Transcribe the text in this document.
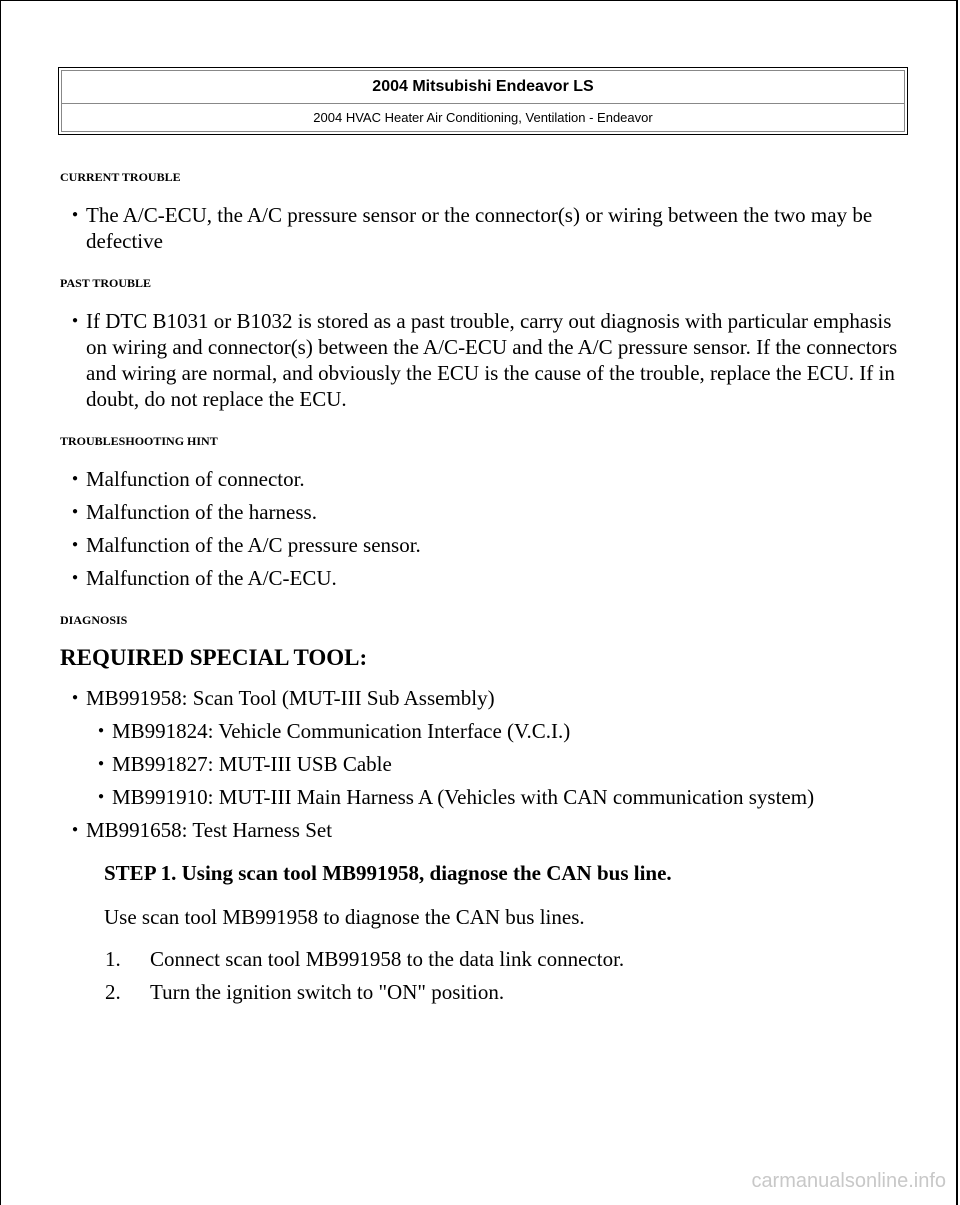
2004 Mitsubishi Endeavor LS
2004 HVAC Heater Air Conditioning, Ventilation - Endeavor

CURRENT TROUBLE

● The A/C-ECU, the A/C pressure sensor or the connector(s) or wiring between the two may be defective

PAST TROUBLE

● If DTC B1031 or B1032 is stored as a past trouble, carry out diagnosis with particular emphasis on wiring and connector(s) between the A/C-ECU and the A/C pressure sensor. If the connectors and wiring are normal, and obviously the ECU is the cause of the trouble, replace the ECU. If in doubt, do not replace the ECU.

TROUBLESHOOTING HINT

● Malfunction of connector.
● Malfunction of the harness.
● Malfunction of the A/C pressure sensor.
● Malfunction of the A/C-ECU.

DIAGNOSIS

REQUIRED SPECIAL TOOL:

● MB991958: Scan Tool (MUT-III Sub Assembly)
● MB991824: Vehicle Communication Interface (V.C.I.)
● MB991827: MUT-III USB Cable
● MB991910: MUT-III Main Harness A (Vehicles with CAN communication system)
● MB991658: Test Harness Set

STEP 1. Using scan tool MB991958, diagnose the CAN bus line.

Use scan tool MB991958 to diagnose the CAN bus lines.

1. Connect scan tool MB991958 to the data link connector.
2. Turn the ignition switch to "ON" position.
carmanualsonline.info
